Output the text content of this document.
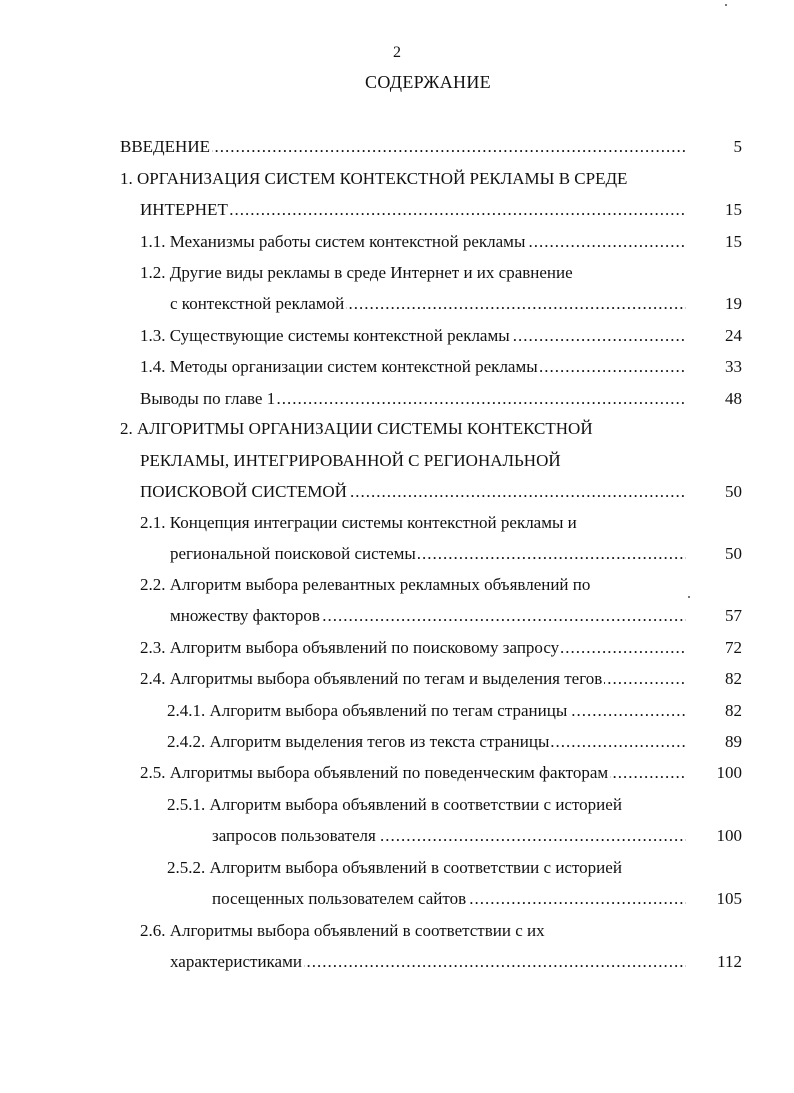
2
СОДЕРЖАНИЕ
.....
ВВЕДЕНИЕ	5
1. ОРГАНИЗАЦИЯ СИСТЕМ КОНТЕКСТНОЙ РЕКЛАМЫ В СРЕДЕ
.....
ИНТЕРНЕТ	15
.....
1.1. Механизмы работы систем контекстной рекламы	15
1.2. Другие виды рекламы в среде Интернет и их сравнение
.....
с контекстной рекламой	19
.....
1.3. Существующие системы контекстной рекламы	24
.....
1.4. Методы организации систем контекстной рекламы	33
.....
Выводы по главе 1	48
2. АЛГОРИТМЫ ОРГАНИЗАЦИИ СИСТЕМЫ КОНТЕКСТНОЙ
РЕКЛАМЫ, ИНТЕГРИРОВАННОЙ С РЕГИОНАЛЬНОЙ
.....
ПОИСКОВОЙ СИСТЕМОЙ	50
2.1. Концепция интеграции системы контекстной рекламы и
.....
региональной поисковой системы	50
2.2. Алгоритм выбора релевантных рекламных объявлений по
.....
множеству факторов	57
.....
2.3. Алгоритм выбора объявлений по поисковому запросу	72
.....
2.4. Алгоритмы выбора объявлений по тегам и выделения тегов	82
.....
2.4.1. Алгоритм выбора объявлений по тегам страницы	82
.....
2.4.2. Алгоритм выделения тегов из текста страницы	89
.....
2.5. Алгоритмы выбора объявлений по поведенческим факторам	100
2.5.1. Алгоритм выбора объявлений в соответствии с историей
.....
запросов пользователя	100
2.5.2. Алгоритм выбора объявлений в соответствии с историей
.....
посещенных пользователем сайтов	105
2.6. Алгоритмы выбора объявлений в соответствии с их
.....
характеристиками	112
